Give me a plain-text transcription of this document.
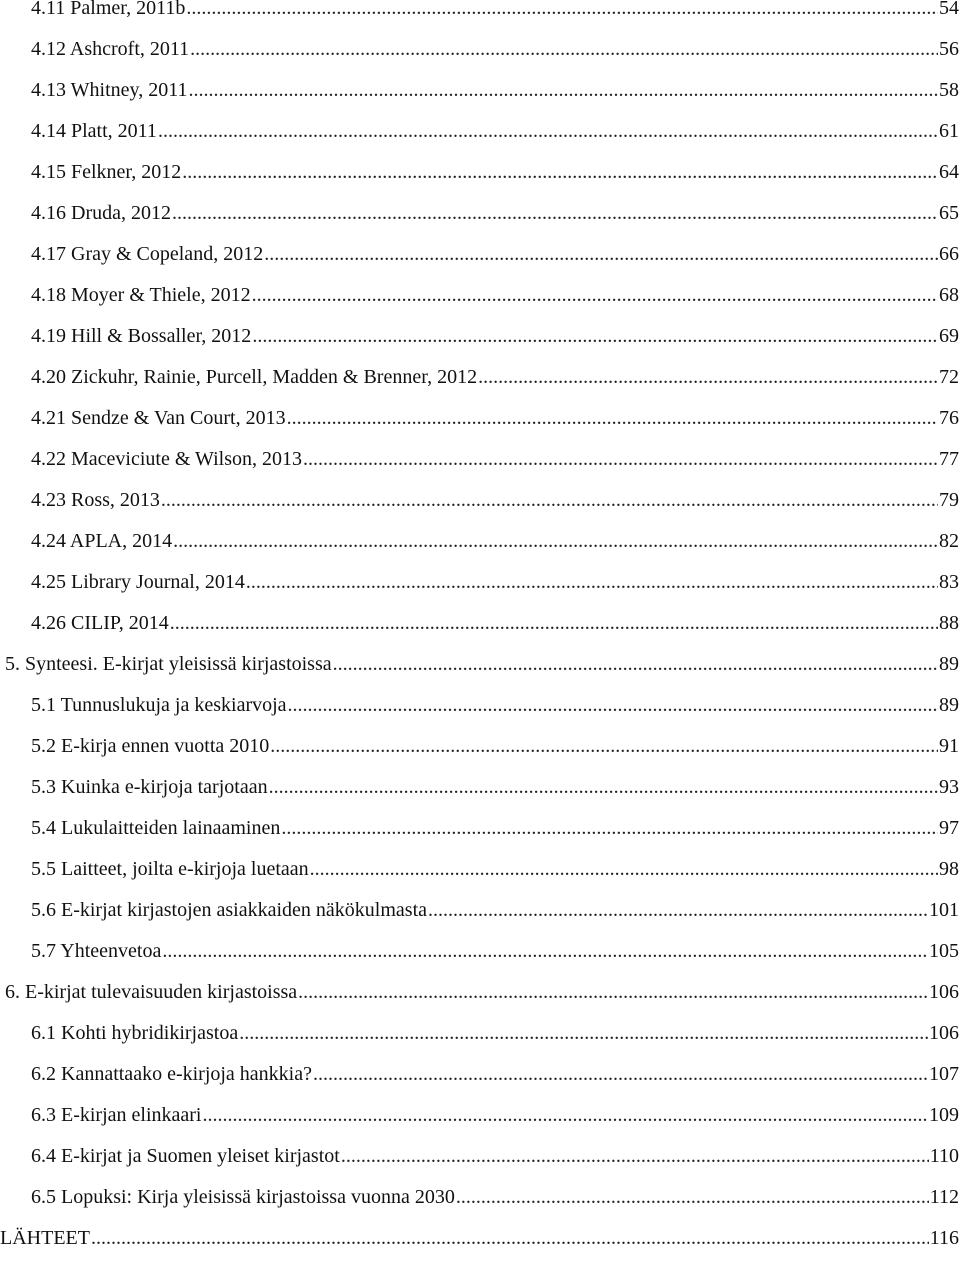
4.11 Palmer, 2011b .....	54
4.12 Ashcroft, 2011 .....	56
4.13 Whitney, 2011 .....	58
4.14 Platt, 2011 .....	61
4.15 Felkner, 2012 .....	64
4.16 Druda, 2012 .....	65
4.17 Gray & Copeland, 2012 .....	66
4.18 Moyer & Thiele, 2012 .....	68
4.19 Hill & Bossaller, 2012 .....	69
4.20 Zickuhr, Rainie, Purcell, Madden & Brenner, 2012 .....	72
4.21 Sendze & Van Court, 2013 .....	76
4.22 Maceviciute & Wilson, 2013 .....	77
4.23 Ross, 2013 .....	79
4.24 APLA, 2014 .....	82
4.25 Library Journal, 2014 .....	83
4.26 CILIP, 2014 .....	88
5. Synteesi. E-kirjat yleisissä kirjastoissa .....	89
5.1 Tunnuslukuja ja keskiarvoja .....	89
5.2 E-kirja ennen vuotta 2010 .....	91
5.3 Kuinka e-kirjoja tarjotaan .....	93
5.4 Lukulaitteiden lainaaminen .....	97
5.5 Laitteet, joilta e-kirjoja luetaan .....	98
5.6 E-kirjat kirjastojen asiakkaiden näkökulmasta .....	101
5.7 Yhteenvetoa .....	105
6. E-kirjat tulevaisuuden kirjastoissa .....	106
6.1 Kohti hybridikirjastoa .....	106
6.2 Kannattaako e-kirjoja hankkia? .....	107
6.3 E-kirjan elinkaari .....	109
6.4 E-kirjat ja Suomen yleiset kirjastot .....	110
6.5 Lopuksi: Kirja yleisissä kirjastoissa vuonna 2030 .....	112
LÄHTEET .....	116
